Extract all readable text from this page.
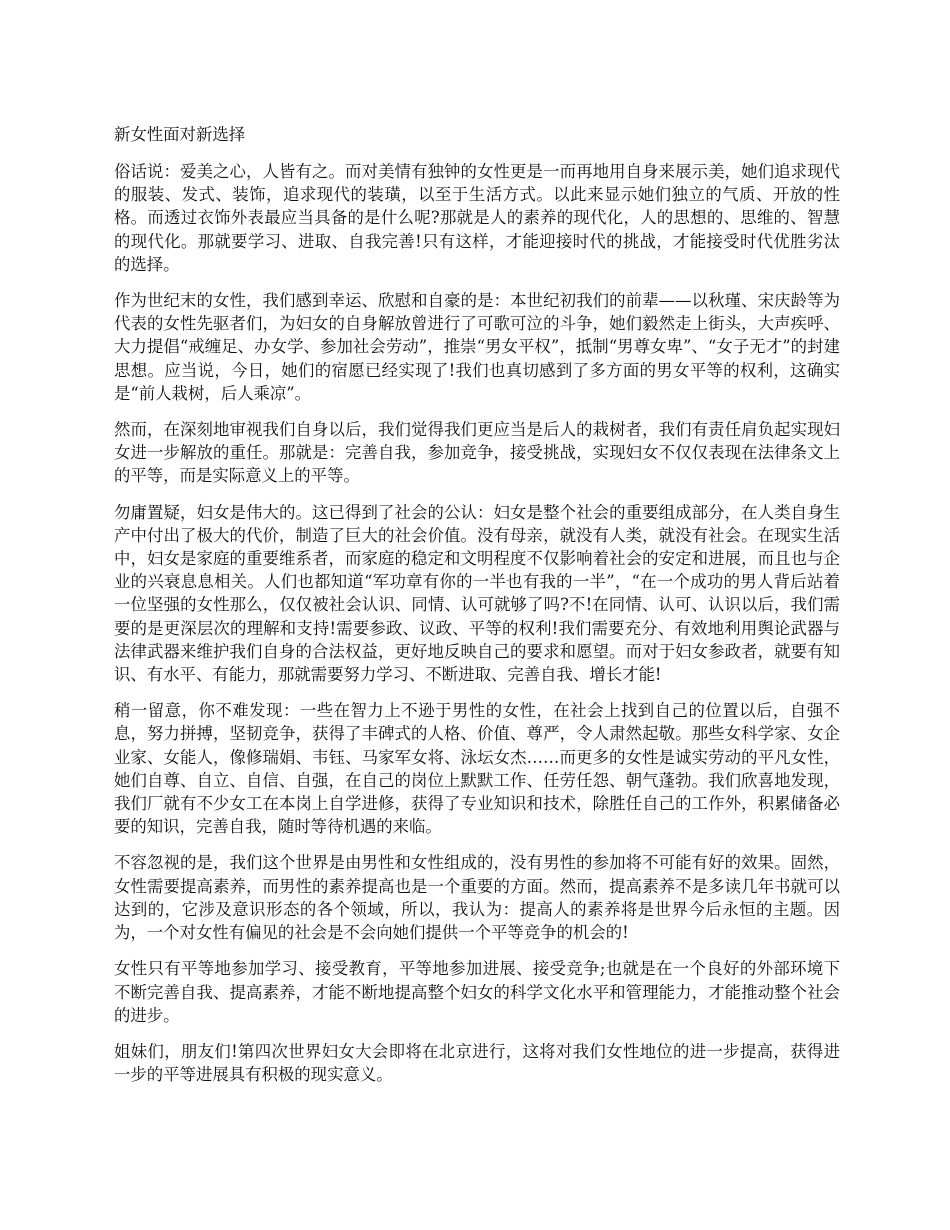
新女性面对新选择

俗话说：爱美之心，人皆有之。而对美情有独钟的女性更是一而再地用自身来展示美，她们追求现代的服装、发式、装饰，追求现代的装璜，以至于生活方式。以此来显示她们独立的气质、开放的性格。而透过衣饰外表最应当具备的是什么呢?那就是人的素养的现代化，人的思想的、思维的、智慧的现代化。那就要学习、进取、自我完善!只有这样，才能迎接时代的挑战，才能接受时代优胜劣汰的选择。

作为世纪末的女性，我们感到幸运、欣慰和自豪的是：本世纪初我们的前辈——以秋瑾、宋庆龄等为代表的女性先驱者们，为妇女的自身解放曾进行了可歌可泣的斗争，她们毅然走上街头，大声疾呼、大力提倡“戒缠足、办女学、参加社会劳动”，推崇“男女平权”，抵制“男尊女卑”、“女子无才”的封建思想。应当说，今日，她们的宿愿已经实现了!我们也真切感到了多方面的男女平等的权利，这确实是“前人栽树，后人乘凉”。

然而，在深刻地审视我们自身以后，我们觉得我们更应当是后人的栽树者，我们有责任肩负起实现妇女进一步解放的重任。那就是：完善自我，参加竞争，接受挑战，实现妇女不仅仅表现在法律条文上的平等，而是实际意义上的平等。

勿庸置疑，妇女是伟大的。这已得到了社会的公认：妇女是整个社会的重要组成部分，在人类自身生产中付出了极大的代价，制造了巨大的社会价值。没有母亲，就没有人类，就没有社会。在现实生活中，妇女是家庭的重要维系者，而家庭的稳定和文明程度不仅影响着社会的安定和进展，而且也与企业的兴衰息息相关。人们也都知道“军功章有你的一半也有我的一半”，“在一个成功的男人背后站着一位坚强的女性那么，仅仅被社会认识、同情、认可就够了吗?不!在同情、认可、认识以后，我们需要的是更深层次的理解和支持!需要参政、议政、平等的权利!我们需要充分、有效地利用舆论武器与法律武器来维护我们自身的合法权益，更好地反映自己的要求和愿望。而对于妇女参政者，就要有知识、有水平、有能力，那就需要努力学习、不断进取、完善自我、增长才能!

稍一留意，你不难发现：一些在智力上不逊于男性的女性，在社会上找到自己的位置以后，自强不息，努力拼搏，坚韧竞争，获得了丰碑式的人格、价值、尊严，令人肃然起敬。那些女科学家、女企业家、女能人，像修瑞娟、韦钰、马家军女将、泳坛女杰……而更多的女性是诚实劳动的平凡女性，她们自尊、自立、自信、自强，在自己的岗位上默默工作、任劳任怨、朝气蓬勃。我们欣喜地发现，我们厂就有不少女工在本岗上自学进修，获得了专业知识和技术，除胜任自己的工作外，积累储备必要的知识，完善自我，随时等待机遇的来临。

不容忽视的是，我们这个世界是由男性和女性组成的，没有男性的参加将不可能有好的效果。固然，女性需要提高素养，而男性的素养提高也是一个重要的方面。然而，提高素养不是多读几年书就可以达到的，它涉及意识形态的各个领域，所以，我认为：提高人的素养将是世界今后永恒的主题。因为，一个对女性有偏见的社会是不会向她们提供一个平等竞争的机会的!

女性只有平等地参加学习、接受教育，平等地参加进展、接受竞争;也就是在一个良好的外部环境下不断完善自我、提高素养，才能不断地提高整个妇女的科学文化水平和管理能力，才能推动整个社会的进步。

姐妹们，朋友们!第四次世界妇女大会即将在北京进行，这将对我们女性地位的进一步提高，获得进一步的平等进展具有积极的现实意义。
